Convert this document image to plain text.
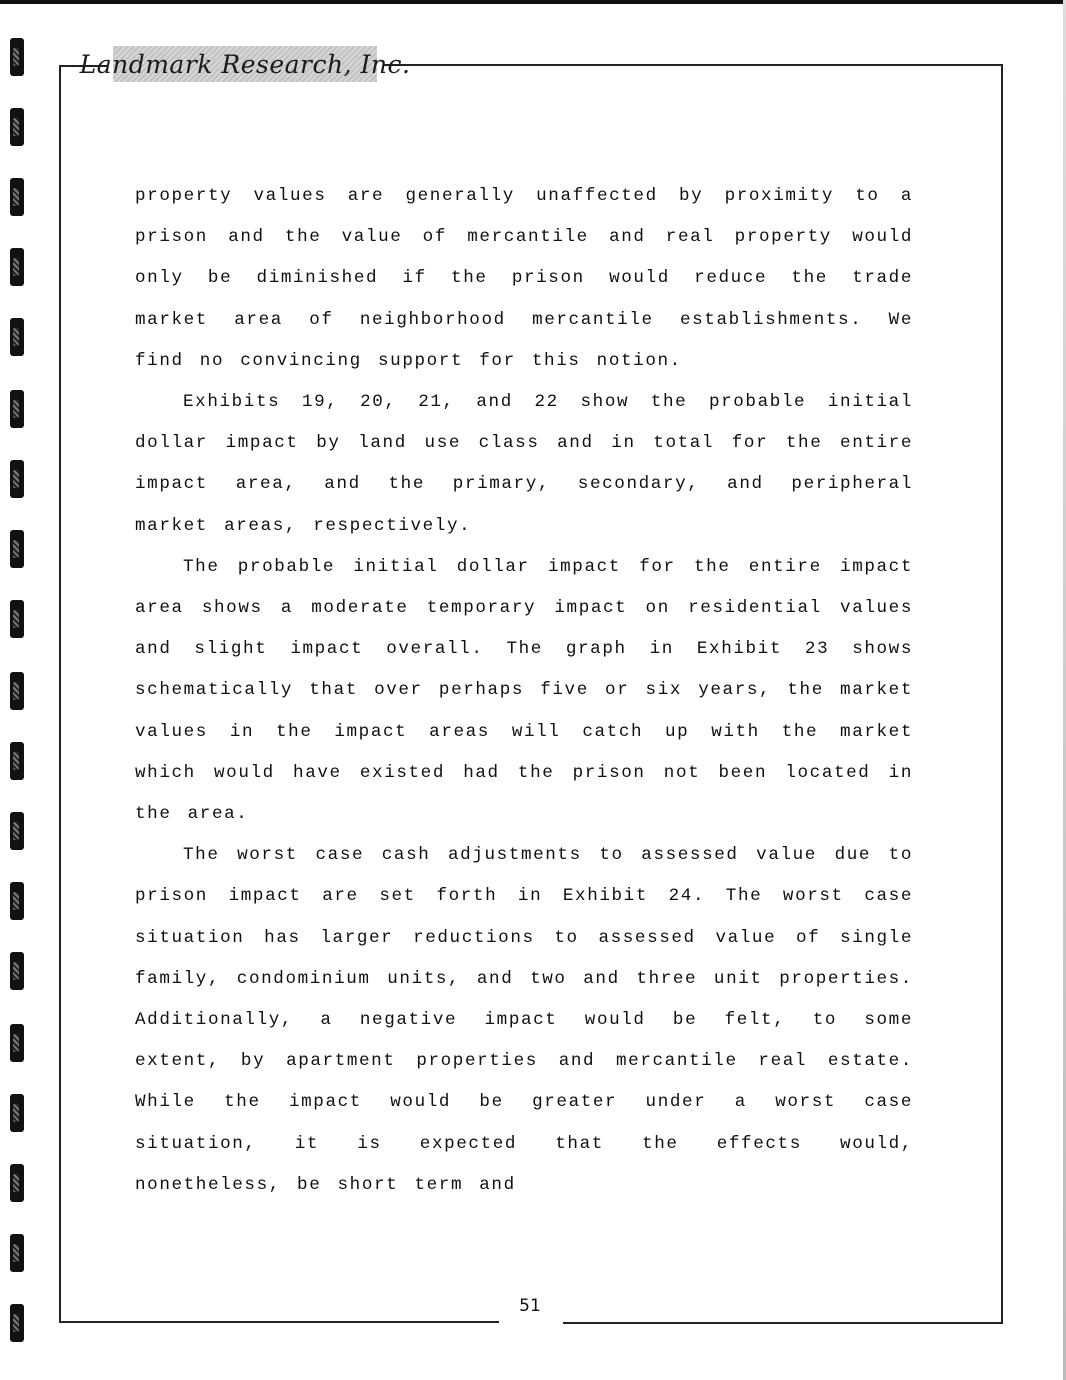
Landmark Research, Inc.

property values are generally unaffected by proximity to a prison and the value of mercantile and real property would only be diminished if the prison would reduce the trade market area of neighborhood mercantile establishments. We find no convincing support for this notion.

Exhibits 19, 20, 21, and 22 show the probable initial dollar impact by land use class and in total for the entire impact area, and the primary, secondary, and peripheral market areas, respectively.

The probable initial dollar impact for the entire impact area shows a moderate temporary impact on residential values and slight impact overall. The graph in Exhibit 23 shows schematically that over perhaps five or six years, the market values in the impact areas will catch up with the market which would have existed had the prison not been located in the area.

The worst case cash adjustments to assessed value due to prison impact are set forth in Exhibit 24. The worst case situation has larger reductions to assessed value of single family, condominium units, and two and three unit properties. Additionally, a negative impact would be felt, to some extent, by apartment properties and mercantile real estate. While the impact would be greater under a worst case situation, it is expected that the effects would, nonetheless, be short term and

51
